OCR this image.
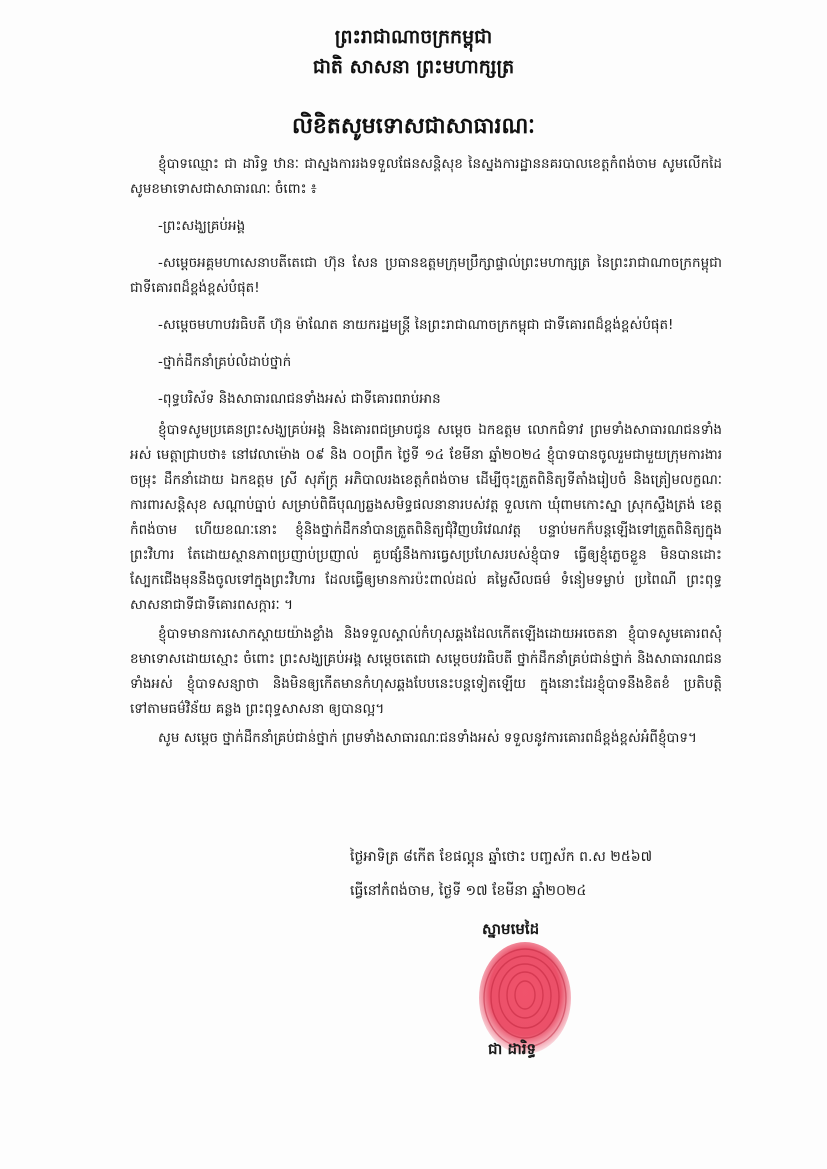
ព្រះរាជាណាចក្រកម្ពុជា
ជាតិ សាសនា ព្រះមហាក្សត្រ
លិខិតសូមទោសជាសាធារណៈ

ខ្ញុំបាទឈ្មោះ ជា ដារិទ្ធ ឋានៈ ជាស្នងការរងទទួលផែនសន្តិសុខ នៃស្នងការដ្ឋាននគរបាលខេត្តកំពង់ចាម សូមលើកដៃសូមខមាទោសជាសាធារណៈ ចំពោះ ៖

-ព្រះសង្ឃគ្រប់អង្គ

-សម្តេចអគ្គមហាសេនាបតីតេជោ ហ៊ុន សែន ប្រធានឧត្តមក្រុមប្រឹក្សាផ្ទាល់ព្រះមហាក្សត្រ នៃព្រះរាជាណាចក្រកម្ពុជា ជាទីគោរពដ៏ខ្ពង់ខ្ពស់បំផុត!

-សម្តេចមហាបវរធិបតី ហ៊ុន ម៉ាណែត នាយករដ្ឋមន្ត្រី នៃព្រះរាជាណាចក្រកម្ពុជា ជាទីគោរពដ៏ខ្ពង់ខ្ពស់បំផុត!

-ថ្នាក់ដឹកនាំគ្រប់លំដាប់ថ្នាក់

-ពុទ្ធបរិស័ទ និងសាធារណជនទាំងអស់ ជាទីគោរពរាប់អាន

ខ្ញុំបាទសូមប្រគេនព្រះសង្ឃគ្រប់អង្គ និងគោរពជម្រាបជូន សម្តេច ឯកឧត្តម លោកជំទាវ ព្រមទាំងសាធារណជនទាំងអស់ មេត្តាជ្រាបថា៖ នៅវេលាម៉ោង ០៩ និង ០០ព្រឹក ថ្ងៃទី ១៤ ខែមីនា ឆ្នាំ២០២៤ ខ្ញុំបាទបានចូលរួមជាមួយក្រុមការងារចម្រុះ ដឹកនាំដោយ ឯកឧត្តម ស្រី សុភ័ក្រ្ត អភិបាលរងខេត្តកំពង់ចាម ដើម្បីចុះត្រួតពិនិត្យទីតាំងរៀបចំ និងត្រៀមលក្ខណៈការពារសន្តិសុខ សណ្តាប់ធ្នាប់ សម្រាប់ពិធីបុណ្យឆ្លងសមិទ្ធផលនានារបស់វត្ត ទួលកោ ឃុំពាមកោះស្នា ស្រុកស្ទឹងត្រង់ ខេត្តកំពង់ចាម ហើយខណៈនោះ ខ្ញុំនិងថ្នាក់ដឹកនាំបានត្រួតពិនិត្យជុំវិញបរិវេណវត្ត បន្ទាប់មកក៏បន្តឡើងទៅត្រួតពិនិត្យក្នុងព្រះវិហារ តែដោយស្ថានភាពប្រញាប់ប្រញាល់ គួបផ្សំនឹងការធ្វេសប្រហែសរបស់ខ្ញុំបាទ ធ្វើឲ្យខ្ញុំភ្លេចខ្លួន មិនបានដោះស្បែកជើងមុននឹងចូលទៅក្នុងព្រះវិហារ ដែលធ្វើឲ្យមានការប៉ះពាល់ដល់ គម្លៃសីលធម៌ ទំនៀមទម្លាប់ ប្រពៃណី ព្រះពុទ្ធសាសនាជាទីជាទីគោរពសក្ការៈ ។

ខ្ញុំបាទមានការសោកស្តាយយ៉ាងខ្លាំង និងទទួលស្គាល់កំហុសឆ្គងដែលកើតឡើងដោយអចេតនា ខ្ញុំបាទសូមគោរពសុំខមាទោសដោយស្មោះ ចំពោះ ព្រះសង្ឃគ្រប់អង្គ សម្តេចតេជោ សម្តេចបវរធិបតី ថ្នាក់ដឹកនាំគ្រប់ជាន់ថ្នាក់ និងសាធារណជនទាំងអស់ ខ្ញុំបាទសន្យាថា និងមិនឲ្យកើតមានកំហុសឆ្គងបែបនេះបន្តទៀតឡើយ ក្នុងនោះដែរខ្ញុំបាទនឹងខិតខំ ប្រតិបត្តិទៅតាមធម៌វិន័យ គន្លង ព្រះពុទ្ធសាសនា ឲ្យបានល្អ។

សូម សម្តេច ថ្នាក់ដឹកនាំគ្រប់ជាន់ថ្នាក់ ព្រមទាំងសាធារណៈជនទាំងអស់ ទទួលនូវការគោរពដ៏ខ្ពង់ខ្ពស់អំពីខ្ញុំបាទ។

ថ្ងៃអាទិត្រ ៨កើត ខែផល្គុន ឆ្នាំថោះ បញ្ចស័ក ព.ស ២៥៦៧
ធ្វើនៅកំពង់ចាម, ថ្ងៃទី ១៧ ខែមីនា ឆ្នាំ២០២៤
ស្នាមមេដៃ
ជា ដារិទ្ធ
